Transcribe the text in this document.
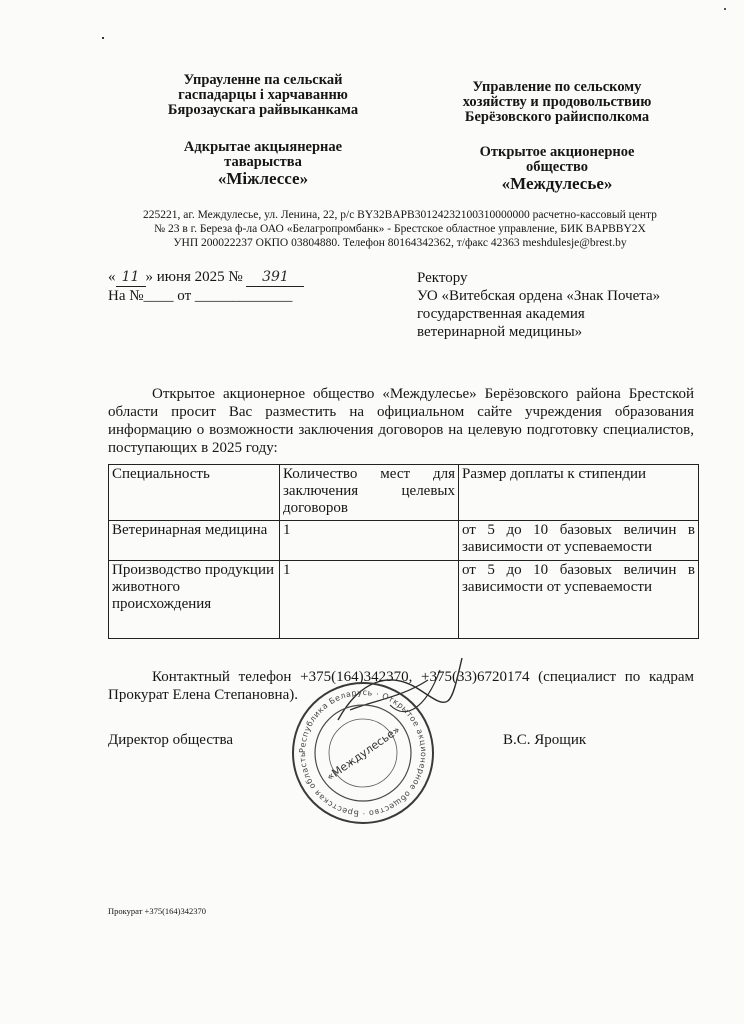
Упрауленне па сельскай
гаспадарцы і харчаванню
Бярозаускага райвыканкама
Адкрытае акцыянернае
таварыства
«Міжлессе»
Управление по сельскому
хозяйству и продовольствию
Берёзовского райисполкома
Открытое акционерное
общество
«Междулесье»
225221, аг. Междулесье, ул. Ленина, 22, р/с BY32BAPB30124232100310000000 расчетно-кассовый центр
№ 23 в г. Береза ф-ла ОАО «Белагропромбанк» - Брестское областное управление, БИК BAPBBY2X
УНП 200022237 ОКПО 03804880. Телефон 80164342362, т/факс 42363 meshdulesje@brest.by
« 11 » июня 2025 № 391
На №____ от _____________
Ректору
УО «Витебская ордена «Знак Почета»
государственная академия
ветеринарной медицины»
Открытое акционерное общество «Междулесье» Берёзовского района Брестской области просит Вас разместить на официальном сайте учреждения образования информацию о возможности заключения договоров на целевую подготовку специалистов, поступающих в 2025 году:
Специальность	Количество мест для заключения целевых договоров	Размер доплаты к стипендии
Ветеринарная медицина	1	от 5 до 10 базовых величин в зависимости от успеваемости
Производство продукции животного происхождения	1	от 5 до 10 базовых величин в зависимости от успеваемости
Контактный телефон +375(164)342370, +375(33)6720174 (специалист по кадрам Прокурат Елена Степановна).
Директор общества	В.С. Ярощик
Республика Беларусь · Открытое акционерное общество · Брестская область	«Междулесье»
Прокурат +375(164)342370
